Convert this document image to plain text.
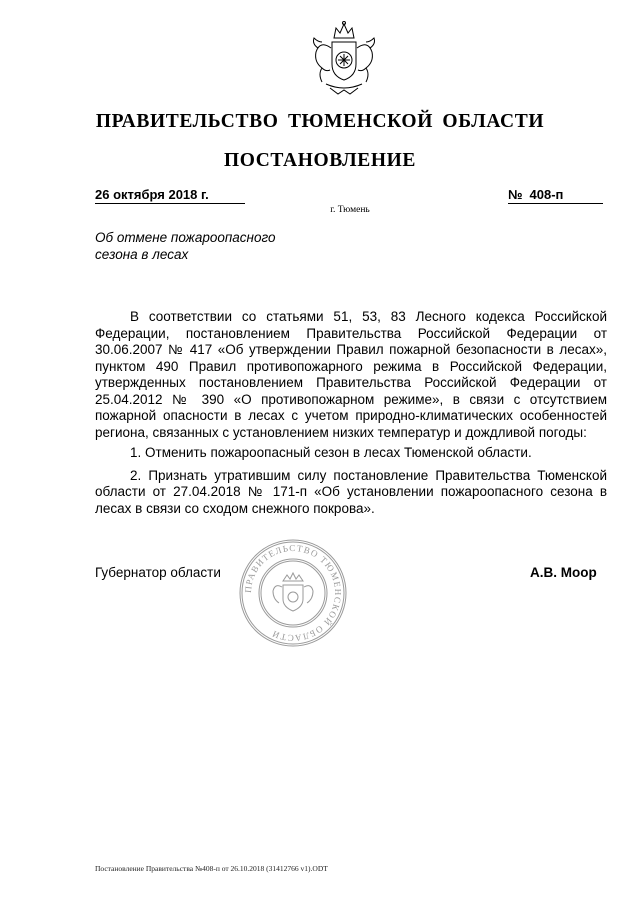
ПРАВИТЕЛЬСТВО ТЮМЕНСКОЙ ОБЛАСТИ
ПОСТАНОВЛЕНИЕ
26 октября 2018 г.	№ 408-п
г. Тюмень
Об отмене пожароопасного
сезона в лесах

В соответствии со статьями 51, 53, 83 Лесного кодекса Российской Федерации, постановлением Правительства Российской Федерации от 30.06.2007 № 417 «Об утверждении Правил пожарной безопасности в лесах», пунктом 490 Правил противопожарного режима в Российской Федерации, утвержденных постановлением Правительства Российской Федерации от 25.04.2012 № 390 «О противопожарном режиме», в связи с отсутствием пожарной опасности в лесах с учетом природно-климатических особенностей региона, связанных с установлением низких температур и дождливой погоды:

1. Отменить пожароопасный сезон в лесах Тюменской области.

2. Признать утратившим силу постановление Правительства Тюменской области от 27.04.2018 № 171-п «Об установлении пожароопасного сезона в лесах в связи со сходом снежного покрова».

ПРАВИТЕЛЬСТВО ТЮМЕНСКОЙ ОБЛАСТИ
Губернатор области	А.В. Моор
Постановление Правительства №408-п от 26.10.2018 (31412766 v1).ODT
